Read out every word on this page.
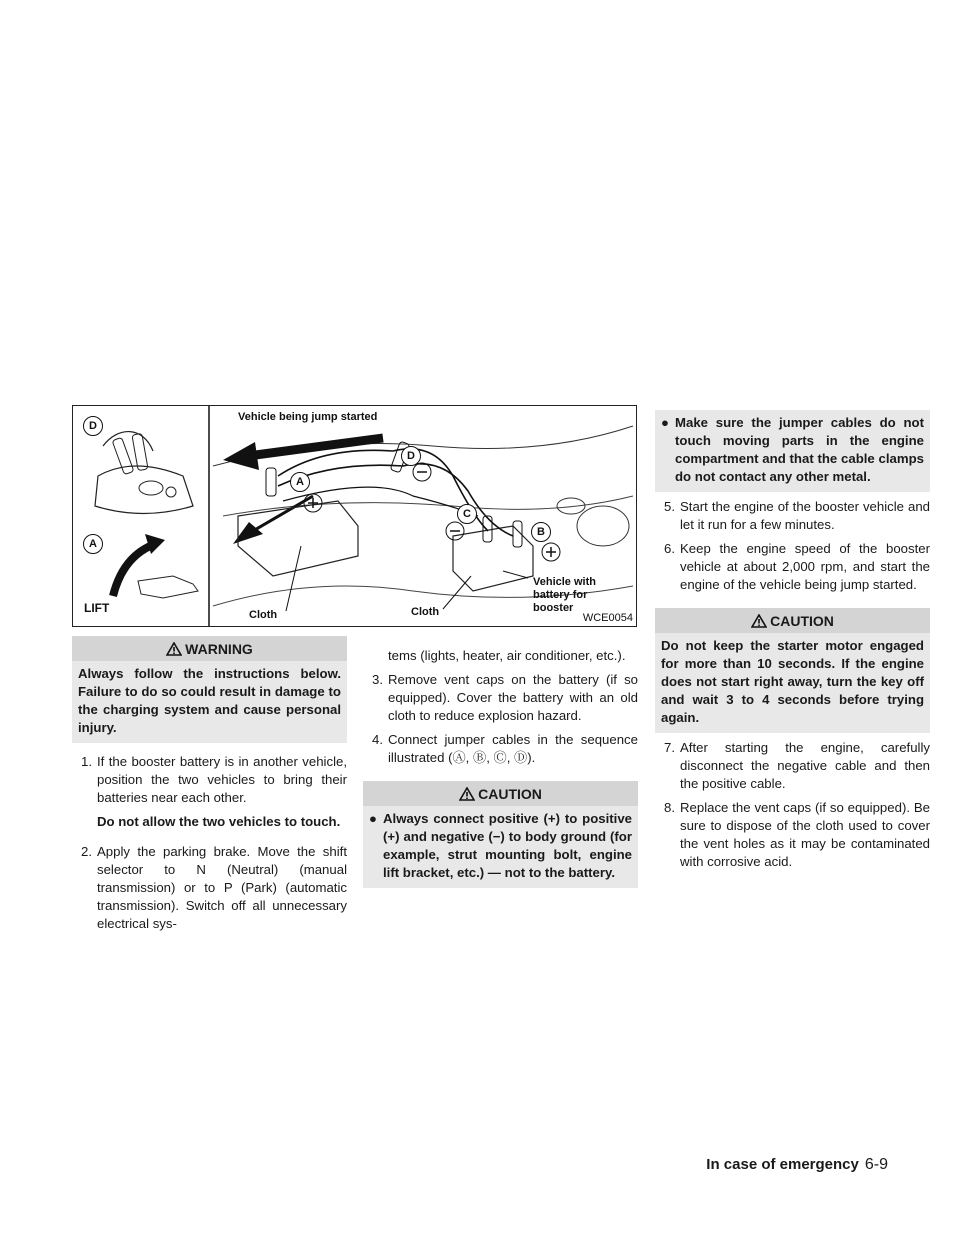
D
A
LIFT
Vehicle being jump started
D
A
C
B
Vehicle with
battery for
booster
Cloth	Cloth	WCE0054
WARNING
Always follow the instructions below. Failure to do so could result in damage to the charging system and cause personal injury.
1. If the booster battery is in another vehicle, position the two vehicles to bring their batteries near each other.
Do not allow the two vehicles to touch.
2. Apply the parking brake. Move the shift selector to N (Neutral) (manual transmission) or to P (Park) (automatic transmission). Switch off all unnecessary electrical sys-
tems (lights, heater, air conditioner, etc.).
3. Remove vent caps on the battery (if so equipped). Cover the battery with an old cloth to reduce explosion hazard.
4. Connect jumper cables in the sequence illustrated (Ⓐ, Ⓑ, Ⓒ, Ⓓ).
CAUTION
● Always connect positive (+) to positive (+) and negative (−) to body ground (for example, strut mounting bolt, engine lift bracket, etc.) — not to the battery.
● Make sure the jumper cables do not touch moving parts in the engine compartment and that the cable clamps do not contact any other metal.
5. Start the engine of the booster vehicle and let it run for a few minutes.
6. Keep the engine speed of the booster vehicle at about 2,000 rpm, and start the engine of the vehicle being jump started.
CAUTION
Do not keep the starter motor engaged for more than 10 seconds. If the engine does not start right away, turn the key off and wait 3 to 4 seconds before trying again.
7. After starting the engine, carefully disconnect the negative cable and then the positive cable.
8. Replace the vent caps (if so equipped). Be sure to dispose of the cloth used to cover the vent holes as it may be contaminated with corrosive acid.
In case of emergency 6-9
